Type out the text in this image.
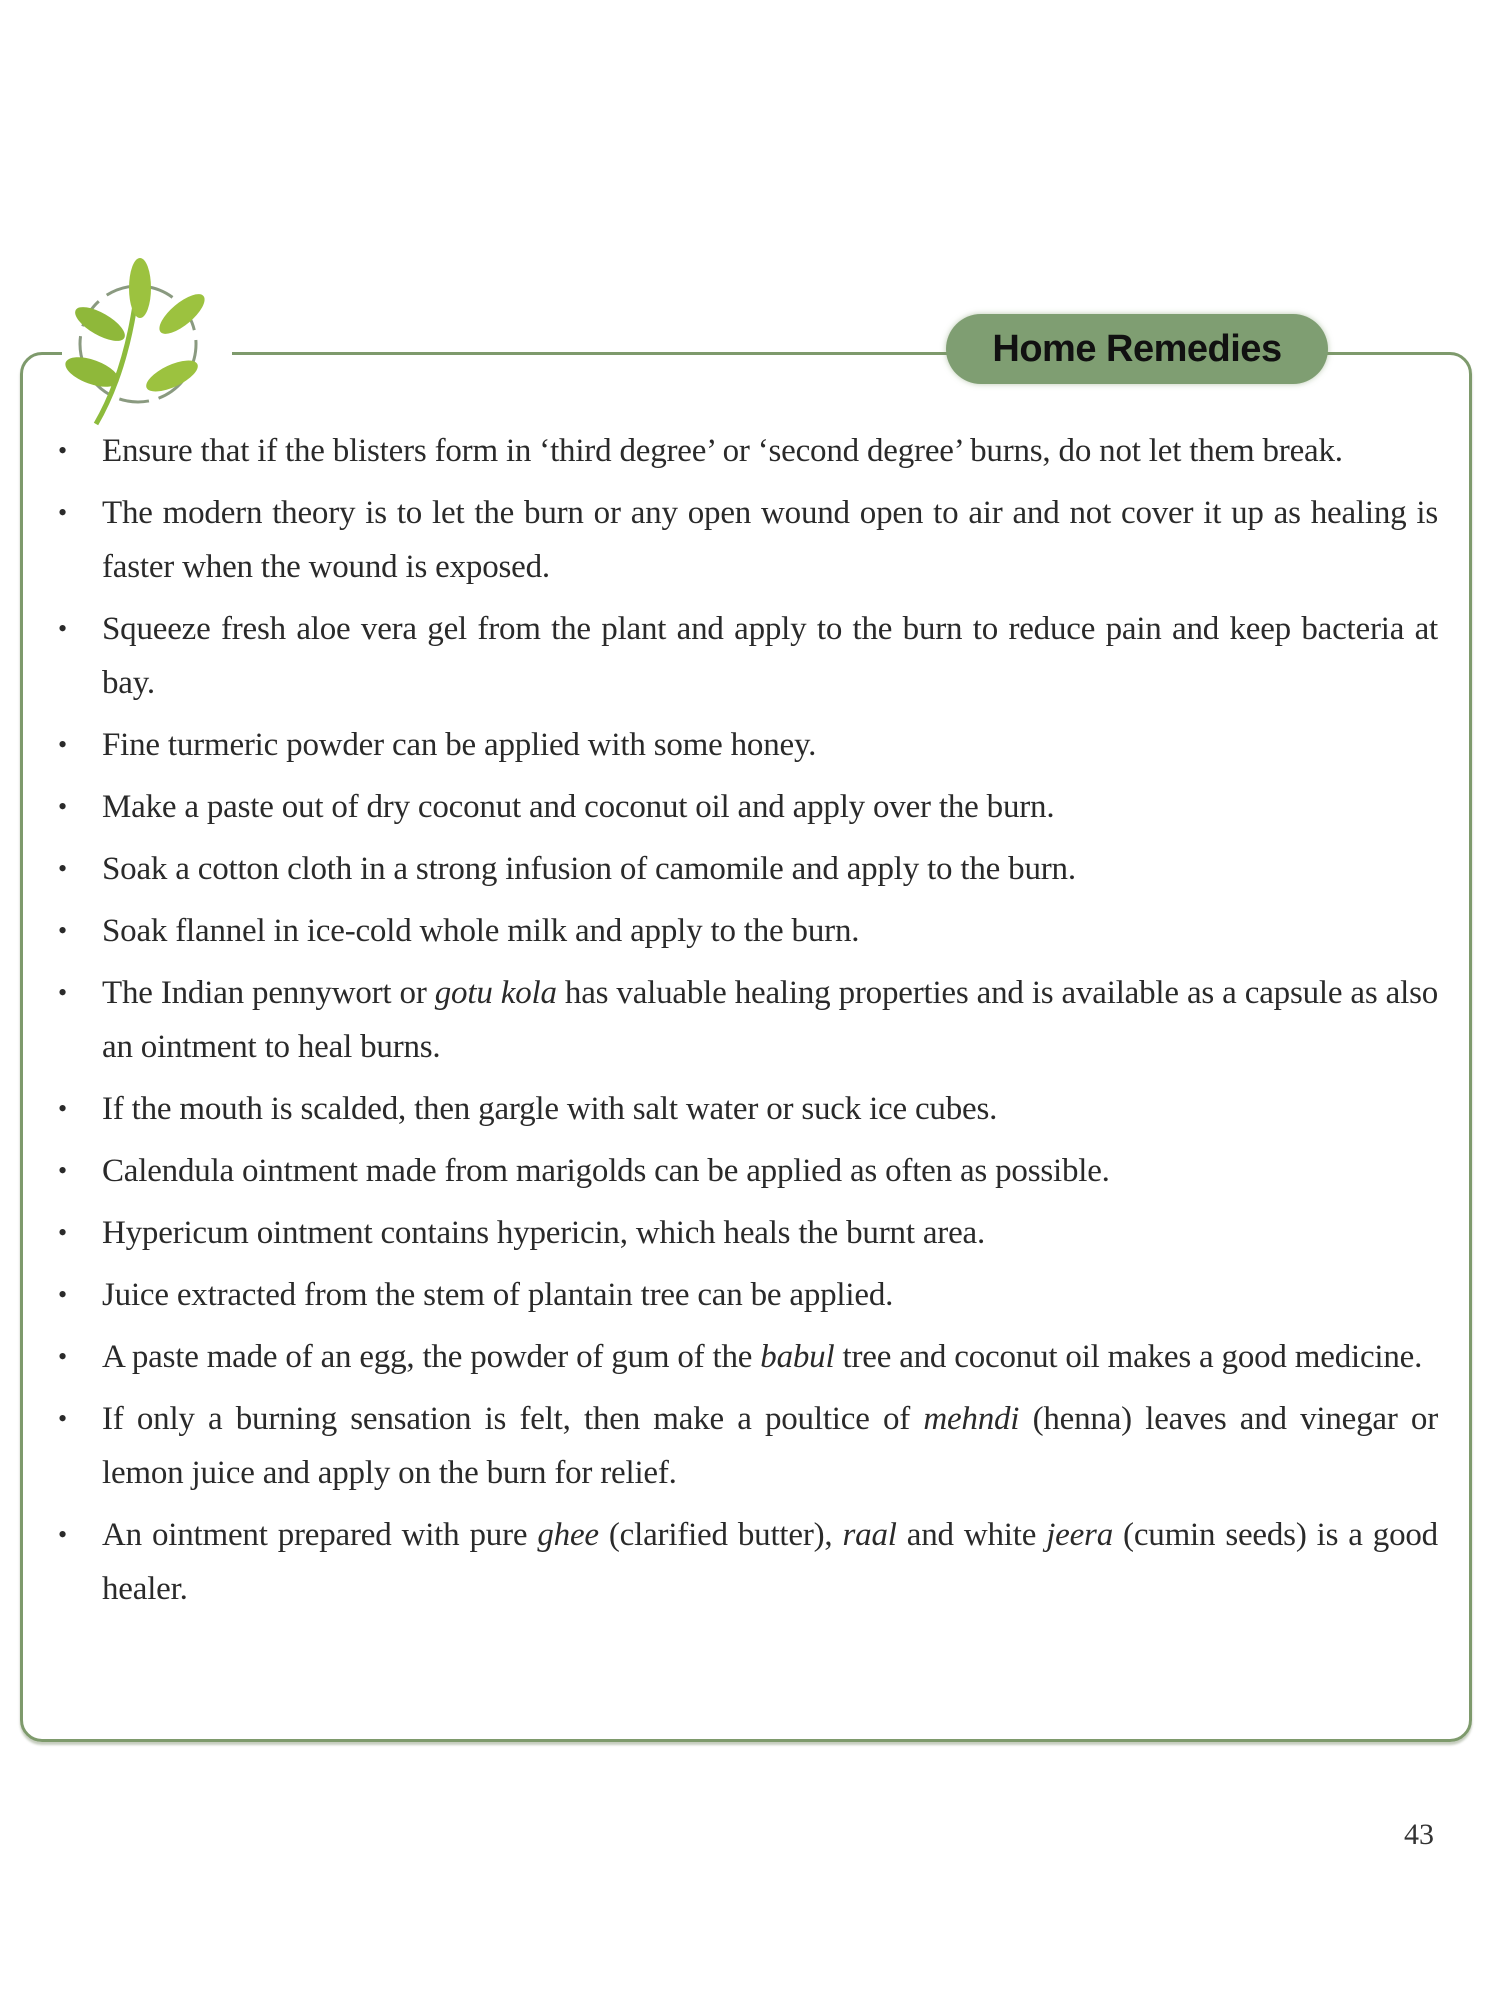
Home Remedies
• Ensure that if the blisters form in ‘third degree’ or ‘second degree’ burns, do not let them break.
• The modern theory is to let the burn or any open wound open to air and not cover it up as healing is faster when the wound is exposed.
• Squeeze fresh aloe vera gel from the plant and apply to the burn to reduce pain and keep bacteria at bay.
• Fine turmeric powder can be applied with some honey.
• Make a paste out of dry coconut and coconut oil and apply over the burn.
• Soak a cotton cloth in a strong infusion of camomile and apply to the burn.
• Soak flannel in ice-cold whole milk and apply to the burn.
• The Indian pennywort or gotu kola has valuable healing properties and is available as a capsule as also an ointment to heal burns.
• If the mouth is scalded, then gargle with salt water or suck ice cubes.
• Calendula ointment made from marigolds can be applied as often as possible.
• Hypericum ointment contains hypericin, which heals the burnt area.
• Juice extracted from the stem of plantain tree can be applied.
• A paste made of an egg, the powder of gum of the babul tree and coconut oil makes a good medicine.
• If only a burning sensation is felt, then make a poultice of mehndi (henna) leaves and vinegar or lemon juice and apply on the burn for relief.
• An ointment prepared with pure ghee (clarified butter), raal and white jeera (cumin seeds) is a good healer.
43
